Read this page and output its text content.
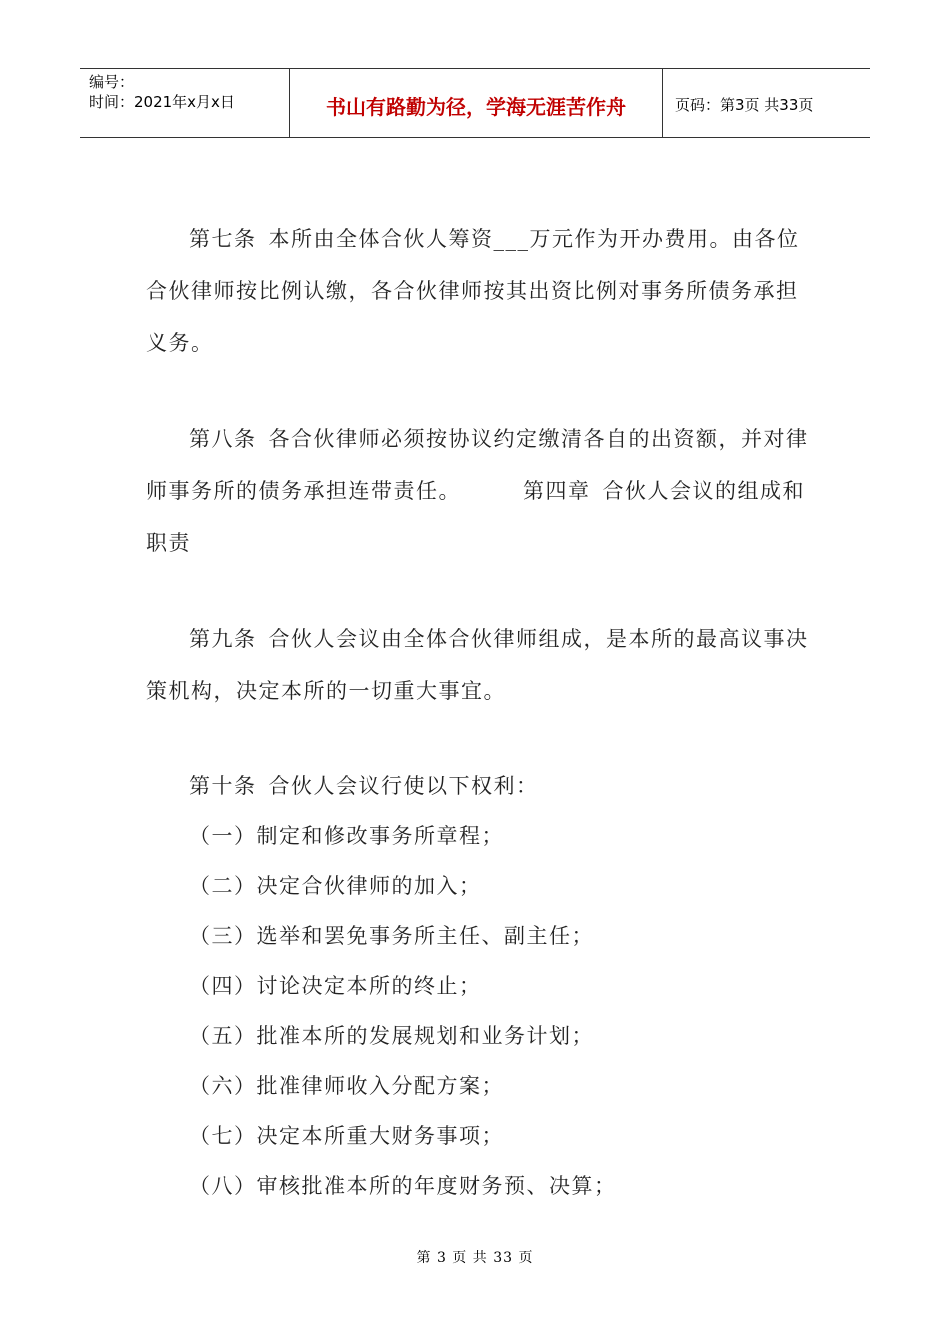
编号：
时间：2021年x月x日	书山有路勤为径，学海无涯苦作舟	页码：第3页 共33页

第七条 本所由全体合伙人筹资___万元作为开办费用。由各位合伙律师按比例认缴，各合伙律师按其出资比例对事务所债务承担义务。

第八条 各合伙律师必须按协议约定缴清各自的出资额，并对律师事务所的债务承担连带责任。	第四章 合伙人会议的组成和职责

第九条 合伙人会议由全体合伙律师组成，是本所的最高议事决策机构，决定本所的一切重大事宜。

第十条 合伙人会议行使以下权利：

（一）制定和修改事务所章程；
（二）决定合伙律师的加入；
（三）选举和罢免事务所主任、副主任；
（四）讨论决定本所的终止；
（五）批准本所的发展规划和业务计划；
（六）批准律师收入分配方案；
（七）决定本所重大财务事项；
（八）审核批准本所的年度财务预、决算；
第 3 页 共 33 页
